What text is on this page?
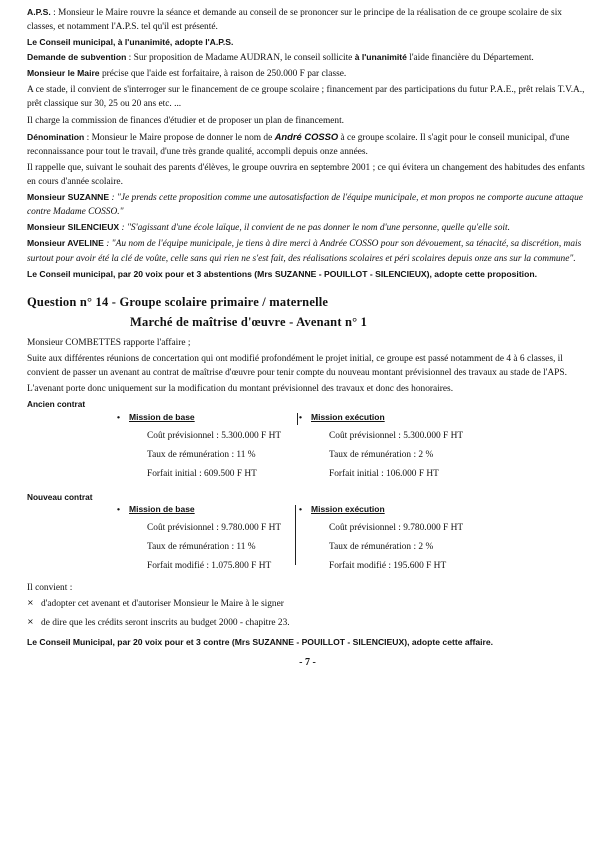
A.P.S. : Monsieur le Maire rouvre la séance et demande au conseil de se prononcer sur le principe de la réalisation de ce groupe scolaire de six classes, et notamment l'A.P.S. tel qu'il est présenté.

Le Conseil municipal, à l'unanimité, adopte l'A.P.S.

Demande de subvention : Sur proposition de Madame AUDRAN, le conseil sollicite à l'unanimité l'aide financière du Département.

Monsieur le Maire précise que l'aide est forfaitaire, à raison de 250.000 F par classe.

A ce stade, il convient de s'interroger sur le financement de ce groupe scolaire ; financement par des participations du futur P.A.E., prêt relais T.V.A., prêt classique sur 30, 25 ou 20 ans etc. ...

Il charge la commission de finances d'étudier et de proposer un plan de financement.

Dénomination : Monsieur le Maire propose de donner le nom de André COSSO à ce groupe scolaire. Il s'agit pour le conseil municipal, d'une reconnaissance pour tout le travail, d'une très grande qualité, accompli depuis onze années.

Il rappelle que, suivant le souhait des parents d'élèves, le groupe ouvrira en septembre 2001 ; ce qui évitera un changement des habitudes des enfants en cours d'année scolaire.

Monsieur SUZANNE : "Je prends cette proposition comme une autosatisfaction de l'équipe municipale, et mon propos ne comporte aucune attaque contre Madame COSSO."

Monsieur SILENCIEUX : "S'agissant d'une école laïque, il convient de ne pas donner le nom d'une personne, quelle qu'elle soit.

Monsieur AVELINE : "Au nom de l'équipe municipale, je tiens à dire merci à Andrée COSSO pour son dévouement, sa ténacité, sa discrétion, mais surtout pour avoir été la clé de voûte, celle sans qui rien ne s'est fait, des réalisations scolaires et péri scolaires depuis onze ans sur la commune".

Le Conseil municipal, par 20 voix pour et 3 abstentions (Mrs SUZANNE - POUILLOT - SILENCIEUX), adopte cette proposition.

Question n° 14 - Groupe scolaire primaire / maternelle
Marché de maîtrise d'œuvre - Avenant n° 1

Monsieur COMBETTES rapporte l'affaire ;

Suite aux différentes réunions de concertation qui ont modifié profondément le projet initial, ce groupe est passé notamment de 4 à 6 classes, il convient de passer un avenant au contrat de maîtrise d'œuvre pour tenir compte du nouveau montant prévisionnel des travaux au stade de l'APS.

L'avenant porte donc uniquement sur la modification du montant prévisionnel des travaux et donc des honoraires.

Ancien contrat
• Mission de base
Coût prévisionnel : 5.300.000 F HT
Taux de rémunération : 11 %
Forfait initial : 609.500 F HT
• Mission exécution
Coût prévisionnel : 5.300.000 F HT
Taux de rémunération : 2 %
Forfait initial : 106.000 F HT
Nouveau contrat
• Mission de base
Coût prévisionnel : 9.780.000 F HT
Taux de rémunération : 11 %
Forfait modifié : 1.075.800 F HT
• Mission exécution
Coût prévisionnel : 9.780.000 F HT
Taux de rémunération : 2 %
Forfait modifié : 195.600 F HT

Il convient :

× d'adopter cet avenant et d'autoriser Monsieur le Maire à le signer
× de dire que les crédits seront inscrits au budget 2000 - chapitre 23.

Le Conseil Municipal, par 20 voix pour et 3 contre (Mrs SUZANNE - POUILLOT - SILENCIEUX), adopte cette affaire.

- 7 -
